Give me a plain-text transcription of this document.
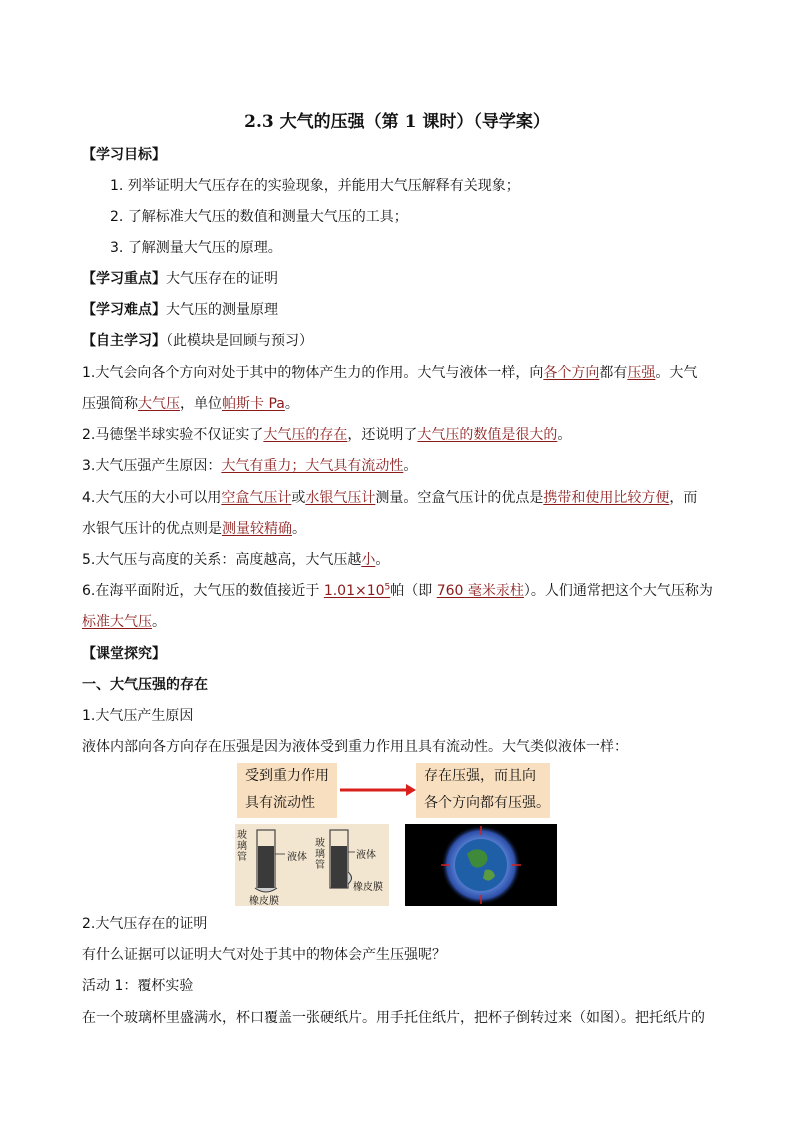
2.3 大气的压强（第 1 课时）（导学案）
【学习目标】
1. 列举证明大气压存在的实验现象，并能用大气压解释有关现象；
2. 了解标准大气压的数值和测量大气压的工具；
3. 了解测量大气压的原理。
【学习重点】大气压存在的证明
【学习难点】大气压的测量原理
【自主学习】（此模块是回顾与预习）
1.大气会向各个方向对处于其中的物体产生力的作用。大气与液体一样，向各个方向都有压强。大气
压强简称大气压，单位帕斯卡 Pa。
2.马德堡半球实验不仅证实了大气压的存在，还说明了大气压的数值是很大的。
3.大气压强产生原因：大气有重力；大气具有流动性。
4.大气压的大小可以用空盒气压计或水银气压计测量。空盒气压计的优点是携带和使用比较方便，而
水银气压计的优点则是测量较精确。
5.大气压与高度的关系：高度越高，大气压越小。
6.在海平面附近，大气压的数值接近于 $1.01\times 10^5$帕（即 760 毫米汞柱）。人们通常把这个大气压称为
标准大气压。
【课堂探究】
一、大气压强的存在
1.大气压产生原因
液体内部向各方向存在压强是因为液体受到重力作用且具有流动性。大气类似液体一样：
受到重力作用
具有流动性
存在压强，而且向
各个方向都有压强。
玻
璃
管	液体
橡皮膜
玻
璃
管
液体
橡皮膜
2.大气压存在的证明
有什么证据可以证明大气对处于其中的物体会产生压强呢？
活动 1：覆杯实验
在一个玻璃杯里盛满水，杯口覆盖一张硬纸片。用手托住纸片，把杯子倒转过来（如图）。把托纸片的
